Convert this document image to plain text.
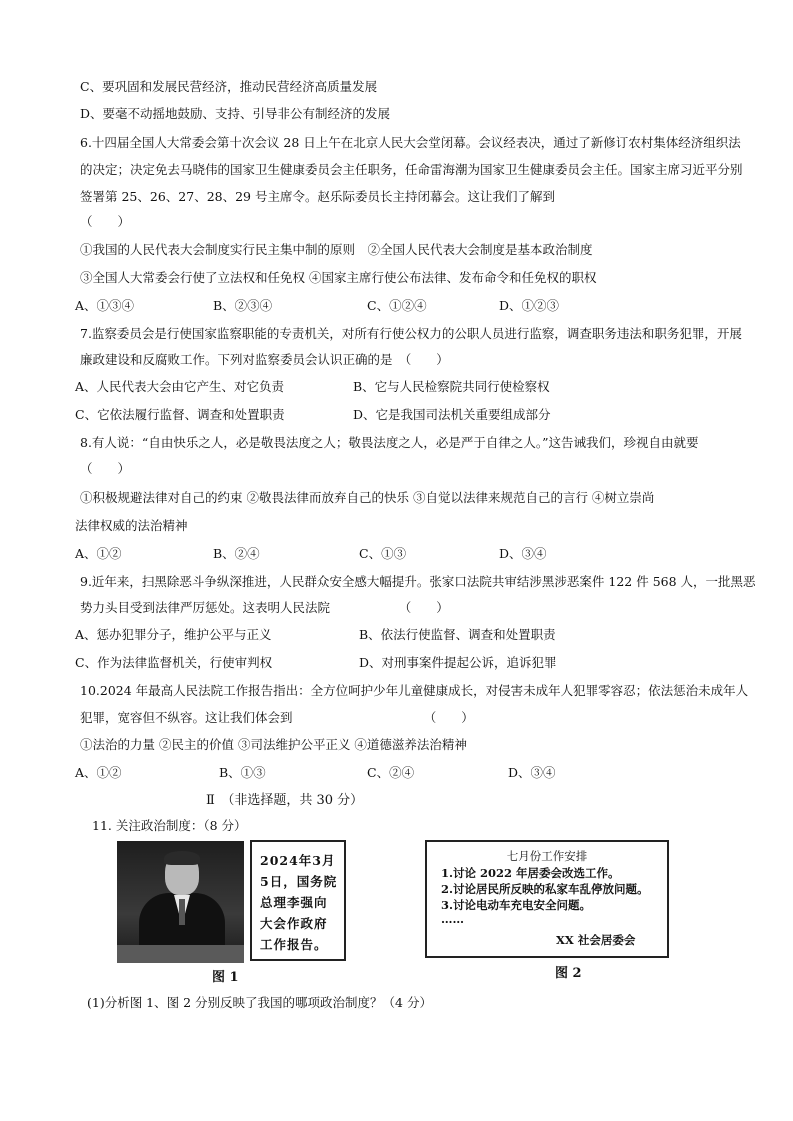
C、要巩固和发展民营经济，推动民营经济高质量发展
D、要毫不动摇地鼓励、支持、引导非公有制经济的发展
6.十四届全国人大常委会第十次会议 28 日上午在北京人民大会堂闭幕。会议经表决，通过了新修订农村集体经济组织法
的决定；决定免去马晓伟的国家卫生健康委员会主任职务，任命雷海潮为国家卫生健康委员会主任。国家主席习近平分别
签署第 25、26、27、28、29 号主席令。赵乐际委员长主持闭幕会。这让我们了解到
（　　）
①我国的人民代表大会制度实行民主集中制的原则　②全国人民代表大会制度是基本政治制度
③全国人大常委会行使了立法权和任免权 ④国家主席行使公布法律、发布命令和任免权的职权
A、①③④	B、②③④	C、①②④	D、①②③
7.监察委员会是行使国家监察职能的专责机关，对所有行使公权力的公职人员进行监察，调查职务违法和职务犯罪，开展
廉政建设和反腐败工作。下列对监察委员会认识正确的是　（　　）
A、人民代表大会由它产生、对它负责	B、它与人民检察院共同行使检察权
C、它依法履行监督、调查和处置职责	D、它是我国司法机关重要组成部分
8.有人说：“自由快乐之人，必是敬畏法度之人；敬畏法度之人，必是严于自律之人。”这告诫我们，珍视自由就要
（　　）
①积极规避法律对自己的约束 ②敬畏法律而放弃自己的快乐 ③自觉以法律来规范自己的言行 ④树立崇尚
法律权威的法治精神
A、①②	B、②④	C、①③	D、③④
9.近年来，扫黑除恶斗争纵深推进，人民群众安全感大幅提升。张家口法院共审结涉黑涉恶案件 122 件 568 人，一批黑恶
势力头目受到法律严厉惩处。这表明人民法院　　　　　　（　　）
A、惩办犯罪分子，维护公平与正义	B、依法行使监督、调查和处置职责
C、作为法律监督机关，行使审判权	D、对刑事案件提起公诉，追诉犯罪
10.2024 年最高人民法院工作报告指出：全方位呵护少年儿童健康成长，对侵害未成年人犯罪零容忍；依法惩治未成年人
犯罪，宽容但不纵容。这让我们体会到　　　　　　　　　　　（　　）
①法治的力量 ②民主的价值 ③司法维护公平正义 ④道德滋养法治精神
A、①②	B、①③	C、②④	D、③④
Ⅱ　（非选择题，共 30 分）
11. 关注政治制度：（8 分）
2024年3月5日，国务院总理李强向大会作政府工作报告。
图 1
七月份工作安排
1.讨论 2022 年居委会改选工作。
2.讨论居民所反映的私家车乱停放问题。
3.讨论电动车充电安全问题。
……
XX 社会居委会
图 2
(1)分析图 1、图 2 分别反映了我国的哪项政治制度？（4 分）
